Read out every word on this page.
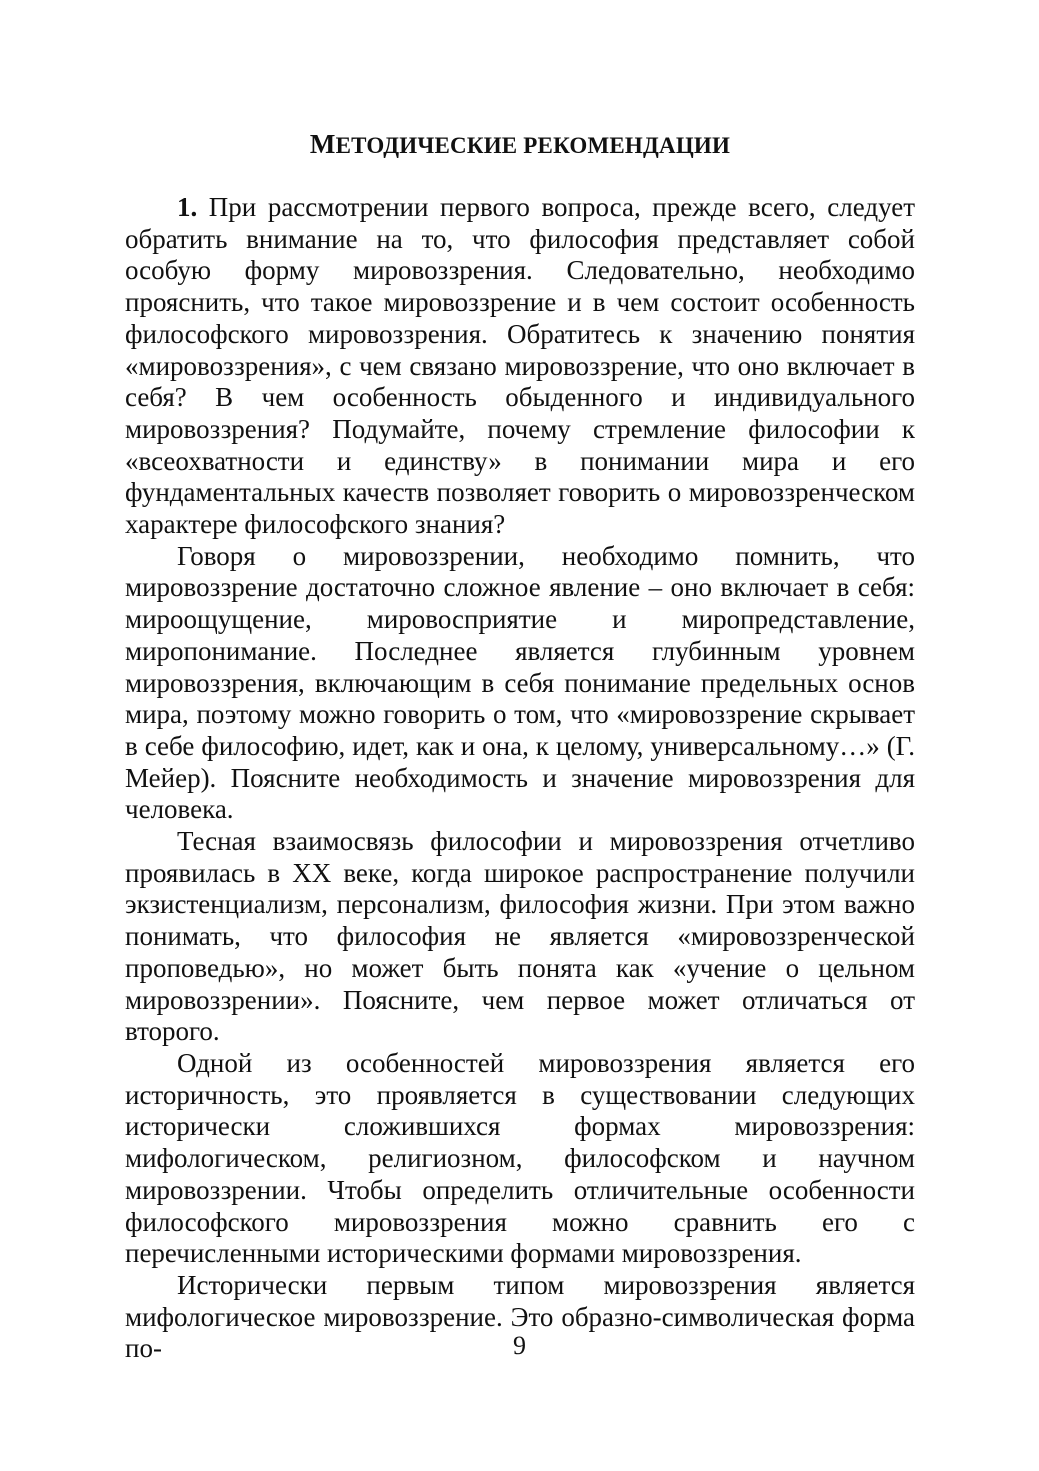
МЕТОДИЧЕСКИЕ РЕКОМЕНДАЦИИ

1. При рассмотрении первого вопроса, прежде всего, следует обратить внимание на то, что философия представляет собой особую форму мировоззрения. Следовательно, необходимо прояснить, что такое мировоззрение и в чем состоит особенность философского мировоззрения. Обратитесь к значению понятия «мировоззрения», с чем связано мировоззрение, что оно включает в себя? В чем особенность обыденного и индивидуального мировоззрения? Подумайте, почему стремление философии к «всеохватности и единству» в понимании мира и его фундаментальных качеств позволяет говорить о мировоззренческом характере философского знания?

Говоря о мировоззрении, необходимо помнить, что мировоззрение достаточно сложное явление – оно включает в себя: мироощущение, мировосприятие и миропредставление, миропонимание. Последнее является глубинным уровнем мировоззрения, включающим в себя понимание предельных основ мира, поэтому можно говорить о том, что «мировоззрение скрывает в себе философию, идет, как и она, к целому, универсальному…» (Г. Мейер). Поясните необходимость и значение мировоззрения для человека.

Тесная взаимосвязь философии и мировоззрения отчетливо проявилась в XX веке, когда широкое распространение получили экзистенциализм, персонализм, философия жизни. При этом важно понимать, что философия не является «мировоззренческой проповедью», но может быть понята как «учение о цельном мировоззрении». Поясните, чем первое может отличаться от второго.

Одной из особенностей мировоззрения является его историчность, это проявляется в существовании следующих исторически сложившихся формах мировоззрения: мифологическом, религиозном, философском и научном мировоззрении. Чтобы определить отличительные особенности философского мировоззрения можно сравнить его с перечисленными историческими формами мировоззрения.

Исторически первым типом мировоззрения является мифологическое мировоззрение. Это образно-символическая форма по-	9
